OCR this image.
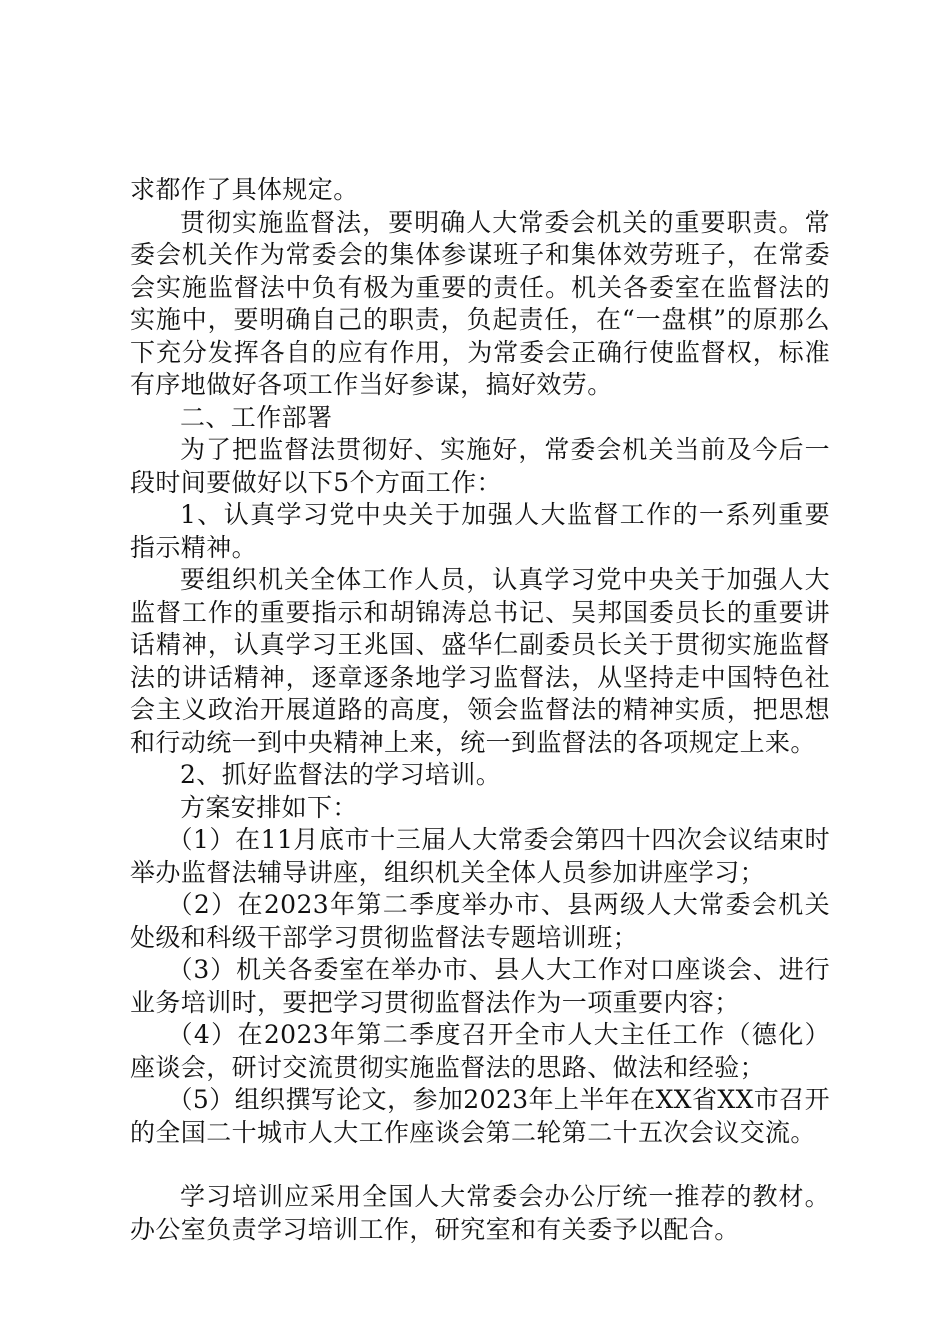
求都作了具体规定。

贯彻实施监督法，要明确人大常委会机关的重要职责。常委会机关作为常委会的集体参谋班子和集体效劳班子，在常委会实施监督法中负有极为重要的责任。机关各委室在监督法的实施中，要明确自己的职责，负起责任，在“一盘棋”的原那么下充分发挥各自的应有作用，为常委会正确行使监督权，标准有序地做好各项工作当好参谋，搞好效劳。

二、工作部署

为了把监督法贯彻好、实施好，常委会机关当前及今后一段时间要做好以下5个方面工作：

1、认真学习党中央关于加强人大监督工作的一系列重要指示精神。

要组织机关全体工作人员，认真学习党中央关于加强人大监督工作的重要指示和胡锦涛总书记、吴邦国委员长的重要讲话精神，认真学习王兆国、盛华仁副委员长关于贯彻实施监督法的讲话精神，逐章逐条地学习监督法，从坚持走中国特色社会主义政治开展道路的高度，领会监督法的精神实质，把思想和行动统一到中央精神上来，统一到监督法的各项规定上来。

2、抓好监督法的学习培训。

方案安排如下：

（1）在11月底市十三届人大常委会第四十四次会议结束时举办监督法辅导讲座，组织机关全体人员参加讲座学习；

（2）在2023年第二季度举办市、县两级人大常委会机关处级和科级干部学习贯彻监督法专题培训班；

（3）机关各委室在举办市、县人大工作对口座谈会、进行业务培训时，要把学习贯彻监督法作为一项重要内容；

（4）在2023年第二季度召开全市人大主任工作（德化）座谈会，研讨交流贯彻实施监督法的思路、做法和经验；

（5）组织撰写论文，参加2023年上半年在XX省XX市召开的全国二十城市人大工作座谈会第二轮第二十五次会议交流。

学习培训应采用全国人大常委会办公厅统一推荐的教材。办公室负责学习培训工作，研究室和有关委予以配合。
